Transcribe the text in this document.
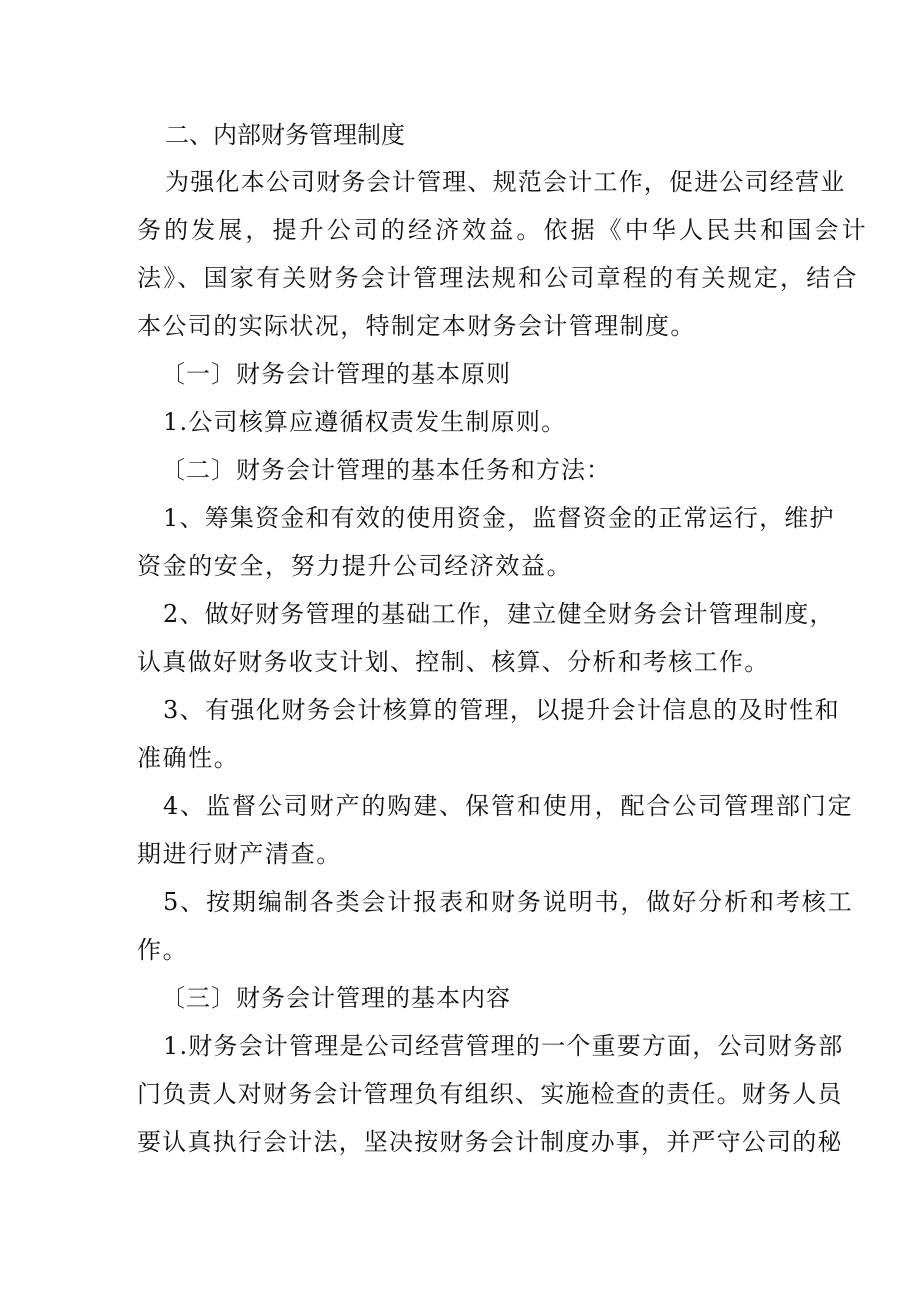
二、内部财务管理制度
为强化本公司财务会计管理、规范会计工作，促进公司经营业
务的发展，提升公司的经济效益。依据《中华人民共和国会计
法》、国家有关财务会计管理法规和公司章程的有关规定，结合
本公司的实际状况，特制定本财务会计管理制度。
〔一〕财务会计管理的基本原则
1.公司核算应遵循权责发生制原则。
〔二〕财务会计管理的基本任务和方法：
1、筹集资金和有效的使用资金，监督资金的正常运行，维护
资金的安全，努力提升公司经济效益。
2、做好财务管理的基础工作，建立健全财务会计管理制度，
认真做好财务收支计划、控制、核算、分析和考核工作。
3、有强化财务会计核算的管理，以提升会计信息的及时性和
准确性。
4、监督公司财产的购建、保管和使用，配合公司管理部门定
期进行财产清查。
5、按期编制各类会计报表和财务说明书，做好分析和考核工
作。
〔三〕财务会计管理的基本内容
1.财务会计管理是公司经营管理的一个重要方面，公司财务部
门负责人对财务会计管理负有组织、实施检查的责任。财务人员
要认真执行会计法，坚决按财务会计制度办事，并严守公司的秘
